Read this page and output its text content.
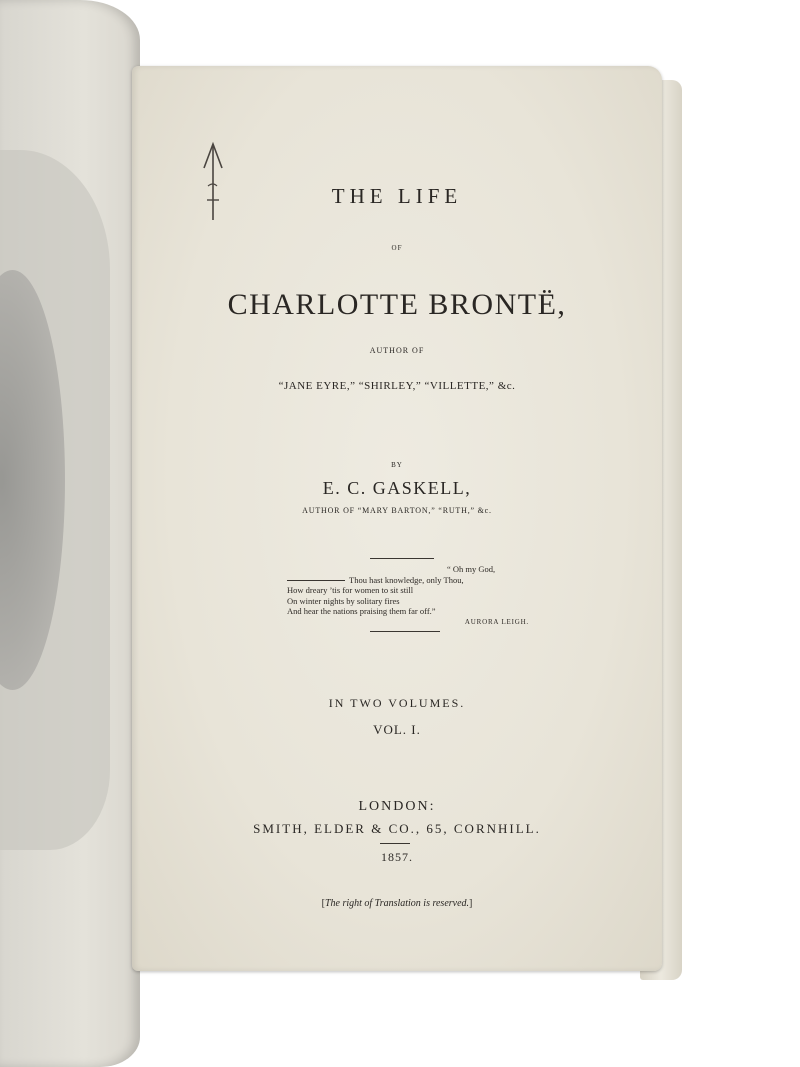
THE LIFE
OF
CHARLOTTE BRONTË,
AUTHOR OF
“JANE EYRE,” “SHIRLEY,” “VILLETTE,” &c.
BY
E. C. GASKELL,
AUTHOR OF “MARY BARTON,” “RUTH,” &c.
“ Oh my God,
Thou hast knowledge, only Thou,
How dreary ’tis for women to sit still
On winter nights by solitary fires
And hear the nations praising them far off.”
AURORA LEIGH.
IN TWO VOLUMES.
VOL. I.
LONDON:
SMITH, ELDER & CO., 65, CORNHILL.
1857.
[The right of Translation is reserved.]
